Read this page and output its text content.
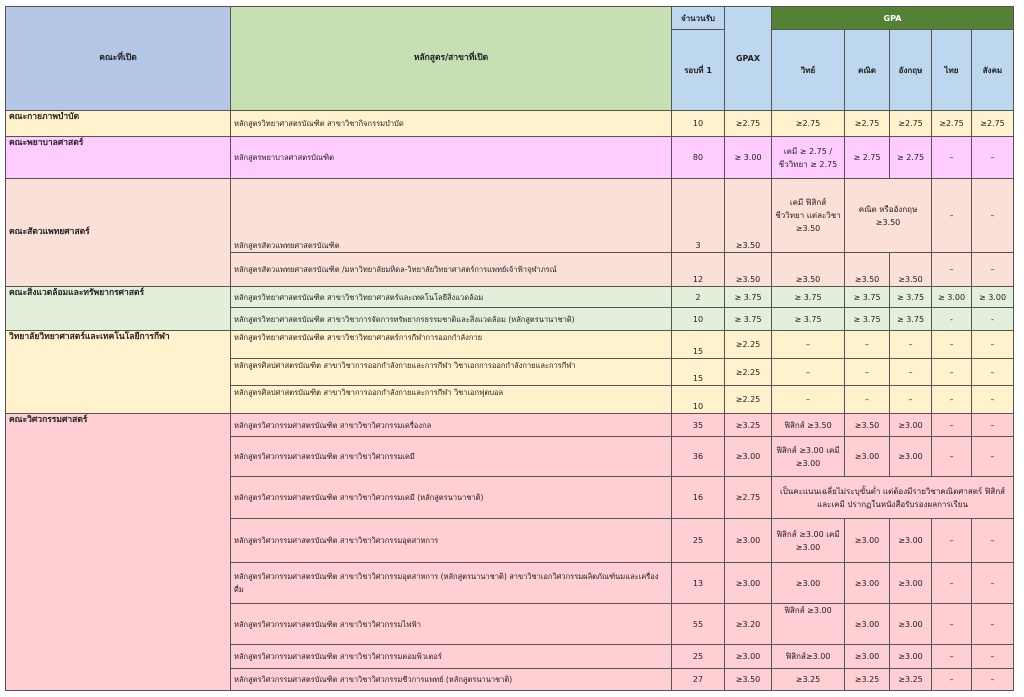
คณะที่เปิด	หลักสูตร/สาขาที่เปิด	จำนวนรับ	GPAX	GPA				
		รอบที่ 1		วิทย์	คณิต	อังกฤษ	ไทย	สังคม
คณะกายภาพบำบัด	หลักสูตรวิทยาศาสตรบัณฑิต สาขาวิชากิจกรรมบำบัด	10	≥2.75	≥2.75	≥2.75	≥2.75	≥2.75	≥2.75
คณะพยาบาลศาสตร์	หลักสูตรพยาบาลศาสตรบัณฑิต	80	≥ 3.00	เคมี ≥ 2.75 / ชีววิทยา ≥ 2.75	≥ 2.75	≥ 2.75	–	–
คณะสัตวแพทยศาสตร์	หลักสูตรสัตวแพทยศาสตรบัณฑิต	3	≥3.50	เคมี ฟิสิกส์ ชีววิทยา แต่ละวิชา ≥3.50	คณิต หรืออังกฤษ ≥3.50		–	–
	หลักสูตรสัตวแพทยศาสตรบัณฑิต /มหาวิทยาลัยมหิดล-วิทยาลัยวิทยาศาสตร์การแพทย์เจ้าฟ้าจุฬาภรณ์	12	≥3.50	≥3.50	≥3.50	≥3.50	–	–
คณะสิ่งแวดล้อมและทรัพยากรศาสตร์	หลักสูตรวิทยาศาสตรบัณฑิต สาขาวิชาวิทยาศาสตร์และเทคโนโลยีสิ่งแวดล้อม	2	≥ 3.75	≥ 3.75	≥ 3.75	≥ 3.75	≥ 3.00	≥ 3.00
	หลักสูตรวิทยาศาสตรบัณฑิต สาขาวิชาการจัดการทรัพยากรธรรมชาติและสิ่งแวดล้อม (หลักสูตรนานาชาติ)	10	≥ 3.75	≥ 3.75	≥ 3.75	≥ 3.75	-	-
วิทยาลัยวิทยาศาสตร์และเทคโนโลยีการกีฬา	หลักสูตรวิทยาศาสตรบัณฑิต สาขาวิชาวิทยาศาสตร์การกีฬาการออกกำลังกาย	15	≥2.25	–	–	–	–	–
	หลักสูตรศิลปศาสตรบัณฑิต สาขาวิชาการออกกำลังกายและการกีฬา วิชาเอกการออกกำลังกายและการกีฬา	15	≥2.25	–	–	–	–	–
	หลักสูตรศิลปศาสตรบัณฑิต สาขาวิชาการออกกำลังกายและการกีฬา วิชาเอกฟุตบอล	10	≥2.25	–	–	–	–	–
คณะวิศวกรรมศาสตร์	หลักสูตรวิศวกรรมศาสตรบัณฑิต สาขาวิชาวิศวกรรมเครื่องกล	35	≥3.25	ฟิสิกส์ ≥3.50	≥3.50	≥3.00	–	–
	หลักสูตรวิศวกรรมศาสตรบัณฑิต สาขาวิชาวิศวกรรมเคมี	36	≥3.00	ฟิสิกส์ ≥3.00 เคมี ≥3.00	≥3.00	≥3.00	–	–
	หลักสูตรวิศวกรรมศาสตรบัณฑิต สาขาวิชาวิศวกรรมเคมี (หลักสูตรนานาชาติ)	16	≥2.75	เป็นคะแนนเฉลี่ยไม่ระบุขั้นต่ำ แต่ต้องมีรายวิชาคณิตศาสตร์ ฟิสิกส์ และเคมี ปรากฏในหนังสือรับรองผลการเรียน				
	หลักสูตรวิศวกรรมศาสตรบัณฑิต สาขาวิชาวิศวกรรมอุตสาหการ	25	≥3.00	ฟิสิกส์ ≥3.00 เคมี ≥3.00	≥3.00	≥3.00	–	–
	หลักสูตรวิศวกรรมศาสตรบัณฑิต สาขาวิชาวิศวกรรมอุตสาหการ (หลักสูตรนานาชาติ) สาขาวิชาเอกวิศวกรรมผลิตภัณฑ์นมและเครื่องดื่ม	13	≥3.00	≥3.00	≥3.00	≥3.00	–	–
	หลักสูตรวิศวกรรมศาสตรบัณฑิต สาขาวิชาวิศวกรรมไฟฟ้า	55	≥3.20	ฟิสิกส์ ≥3.00	≥3.00	≥3.00	–	–
	หลักสูตรวิศวกรรมศาสตรบัณฑิต สาขาวิชาวิศวกรรมคอมพิวเตอร์	25	≥3.00	ฟิสิกส์≥3.00	≥3.00	≥3.00	–	–
	หลักสูตรวิศวกรรมศาสตรบัณฑิต สาขาวิชาวิศวกรรมชีวการแพทย์ (หลักสูตรนานาชาติ)	27	≥3.50	≥3.25	≥3.25	≥3.25	–	–
